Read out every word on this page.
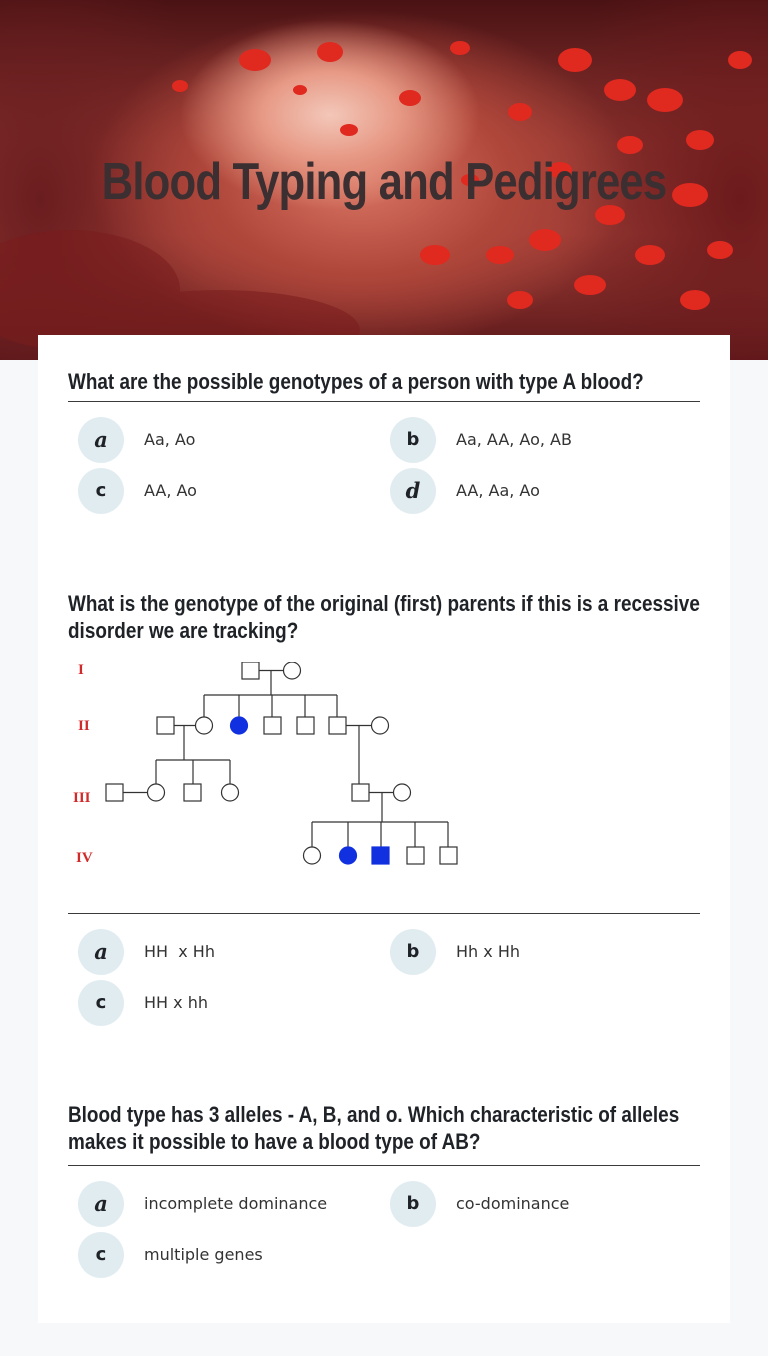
Blood Typing and Pedigrees
What are the possible genotypes of a person with type A blood?
a	Aa, Ao	b	Aa, AA, Ao, AB
c	AA, Ao	d	AA, Aa, Ao
What is the genotype of the original (first) parents if this is a recessive disorder we are tracking?
I
II
III
IV
a	HH  x Hh	b	Hh x Hh
c	HH x hh
Blood type has 3 alleles - A, B, and o. Which characteristic of alleles makes it possible to have a blood type of AB?
a	incomplete dominance	b	co-dominance
c	multiple genes
